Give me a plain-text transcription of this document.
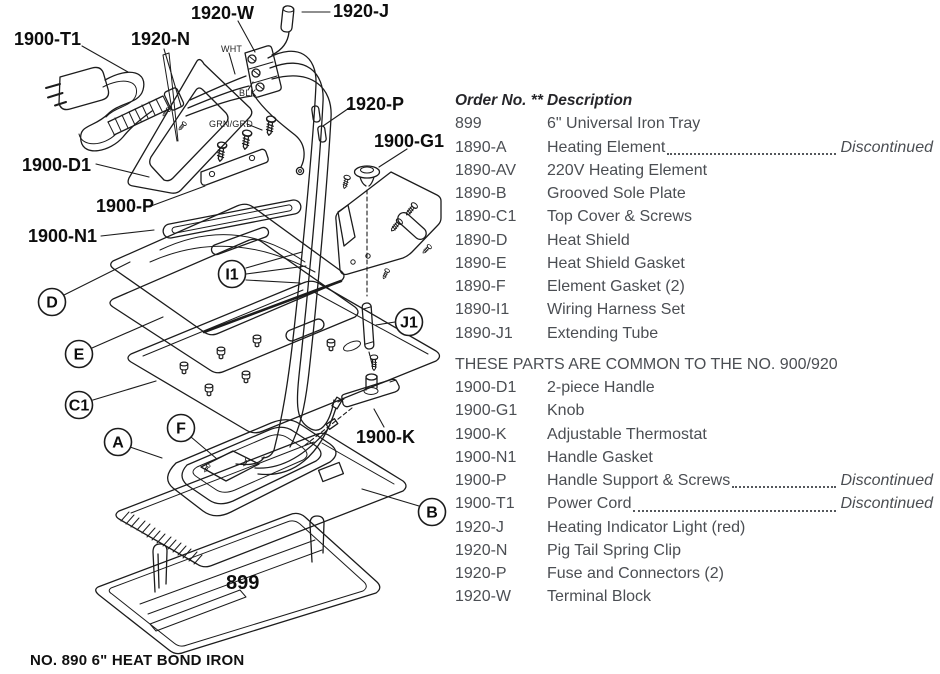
1900-T1	1920-N
1920-W	1920-J
1900-D1
1900-P
1900-N1
1920-P
1900-G1
1900-K
899
WHT
BLK
GRN/GRD
D
E
C1
A
F
I1
J1
B
Order No. ** Description
899	6" Universal Iron Tray
1890-A	Heating Element	Discontinued
1890-AV	220V Heating Element
1890-B	Grooved Sole Plate
1890-C1	Top Cover & Screws
1890-D	Heat Shield
1890-E	Heat Shield Gasket
1890-F	Element Gasket (2)
1890-I1	Wiring Harness Set
1890-J1	Extending Tube
THESE PARTS ARE COMMON TO THE NO. 900/920
1900-D1	2-piece Handle
1900-G1	Knob
1900-K	Adjustable Thermostat
1900-N1	Handle Gasket
1900-P	Handle Support & Screws	Discontinued
1900-T1	Power Cord	Discontinued
1920-J	Heating Indicator Light (red)
1920-N	Pig Tail Spring Clip
1920-P	Fuse and Connectors (2)
1920-W	Terminal Block
NO. 890 6" HEAT BOND IRON
